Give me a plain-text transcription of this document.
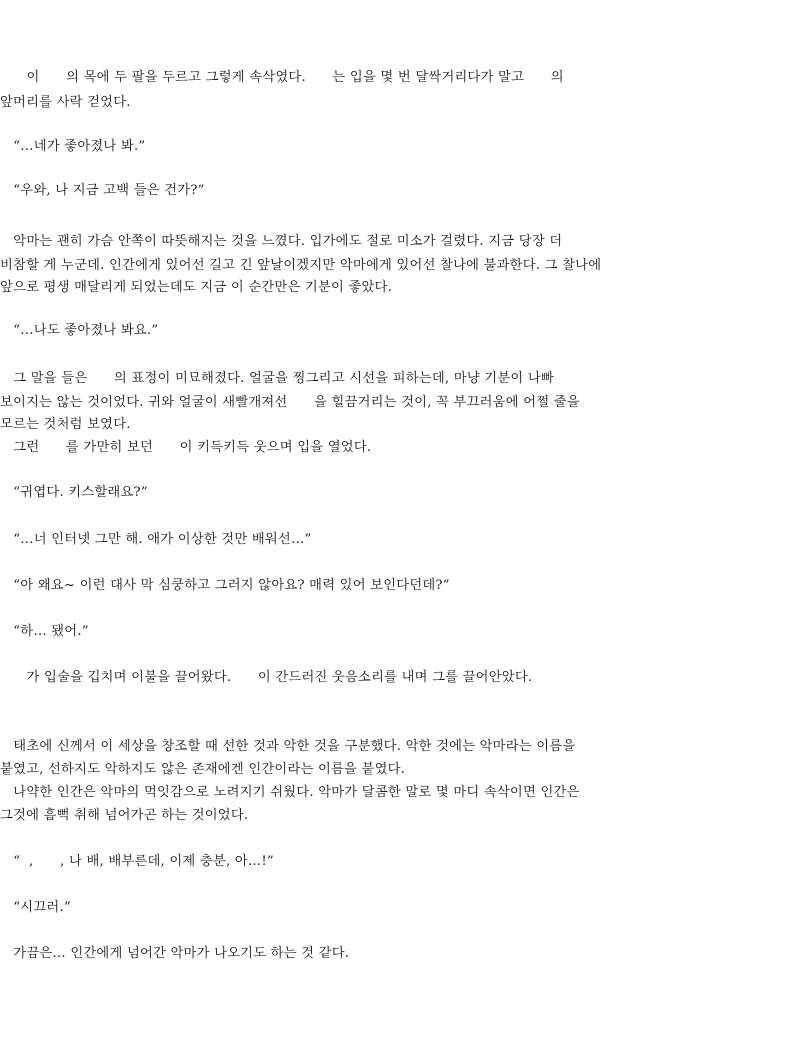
이      의 목에 두 팔을 두르고 그렇게 속삭였다.      는 입을 몇 번 달싹거리다가 말고      의
앞머리를 사락 걷었다.
“…네가 좋아졌나 봐.”
“우와, 나 지금 고백 들은 건가?”
악마는 괜히 가슴 안쪽이 따뜻해지는 것을 느꼈다. 입가에도 절로 미소가 걸렸다. 지금 당장 더
비참할 게 누군데. 인간에게 있어선 길고 긴 앞날이겠지만 악마에게 있어선 찰나에 불과한다. 그 찰나에
앞으로 평생 매달리게 되었는데도 지금 이 순간만은 기분이 좋았다.
“…나도 좋아졌나 봐요.”
그 말을 들은      의 표정이 미묘해졌다. 얼굴을 찡그리고 시선을 피하는데, 마냥 기분이 나빠
보이지는 않는 것이었다. 귀와 얼굴이 새빨개져선      을 힐끔거리는 것이, 꼭 부끄러움에 어쩔 줄을
모르는 것처럼 보였다.
그런      를 가만히 보던      이 키득키득 웃으며 입을 열었다.
“귀엽다. 키스할래요?”
“…너 인터넷 그만 해. 애가 이상한 것만 배워선…”
“아 왜요~ 이런 대사 막 심쿵하고 그러지 않아요? 매력 있어 보인다던데?”
“하… 됐어.”
가 입술을 깁치며 이불을 끌어왔다.      이 간드러진 웃음소리를 내며 그를 끌어안았다.
태초에 신께서 이 세상을 창조할 때 선한 것과 악한 것을 구분했다. 악한 것에는 악마라는 이름을
붙였고, 선하지도 악하지도 않은 존재에겐 인간이라는 이름을 붙였다.
나약한 인간은 악마의 먹잇감으로 노려지기 쉬웠다. 악마가 달콤한 말로 몇 마디 속삭이면 인간은
그것에 흠뻑 취해 넘어가곤 하는 것이었다.
“  ,      , 나 배, 배부른데, 이제 충분, 아…!”
“시끄러.”
가끔은… 인간에게 넘어간 악마가 나오기도 하는 것 같다.
